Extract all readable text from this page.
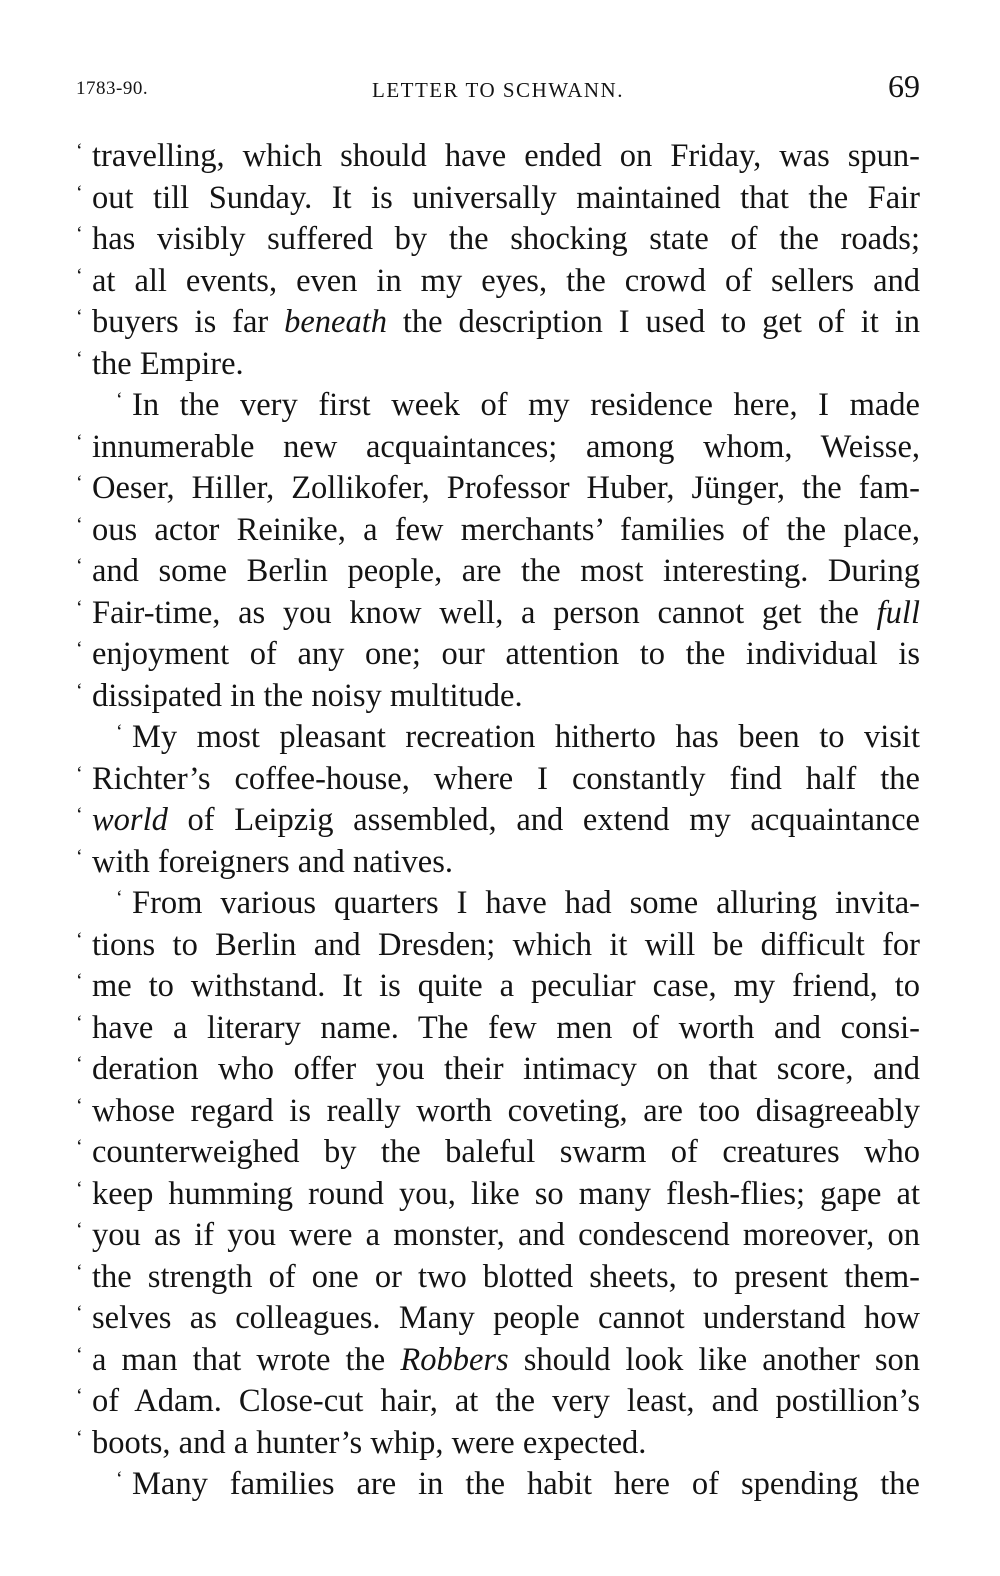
1783-90.	LETTER TO SCHWANN.	69
‘ travelling, which should have ended on Friday, was spun-
‘ out till Sunday. It is universally maintained that the Fair
‘ has visibly suffered by the shocking state of the roads;
‘ at all events, even in my eyes, the crowd of sellers and
‘ buyers is far beneath the description I used to get of it in
‘ the Empire.
‘ In the very first week of my residence here, I made
‘ innumerable new acquaintances; among whom, Weisse,
‘ Oeser, Hiller, Zollikofer, Professor Huber, Jünger, the fam-
‘ ous actor Reinike, a few merchants’ families of the place,
‘ and some Berlin people, are the most interesting. During
‘ Fair-time, as you know well, a person cannot get the full
‘ enjoyment of any one; our attention to the individual is
‘ dissipated in the noisy multitude.
‘ My most pleasant recreation hitherto has been to visit
‘ Richter’s coffee-house, where I constantly find half the
‘ world of Leipzig assembled, and extend my acquaintance
‘ with foreigners and natives.
‘ From various quarters I have had some alluring invita-
‘ tions to Berlin and Dresden; which it will be difficult for
‘ me to withstand. It is quite a peculiar case, my friend, to
‘ have a literary name. The few men of worth and consi-
‘ deration who offer you their intimacy on that score, and
‘ whose regard is really worth coveting, are too disagreeably
‘ counterweighed by the baleful swarm of creatures who
‘ keep humming round you, like so many flesh-flies; gape at
‘ you as if you were a monster, and condescend moreover, on
‘ the strength of one or two blotted sheets, to present them-
‘ selves as colleagues. Many people cannot understand how
‘ a man that wrote the Robbers should look like another son
‘ of Adam. Close-cut hair, at the very least, and postillion’s
‘ boots, and a hunter’s whip, were expected.
‘ Many families are in the habit here of spending the
